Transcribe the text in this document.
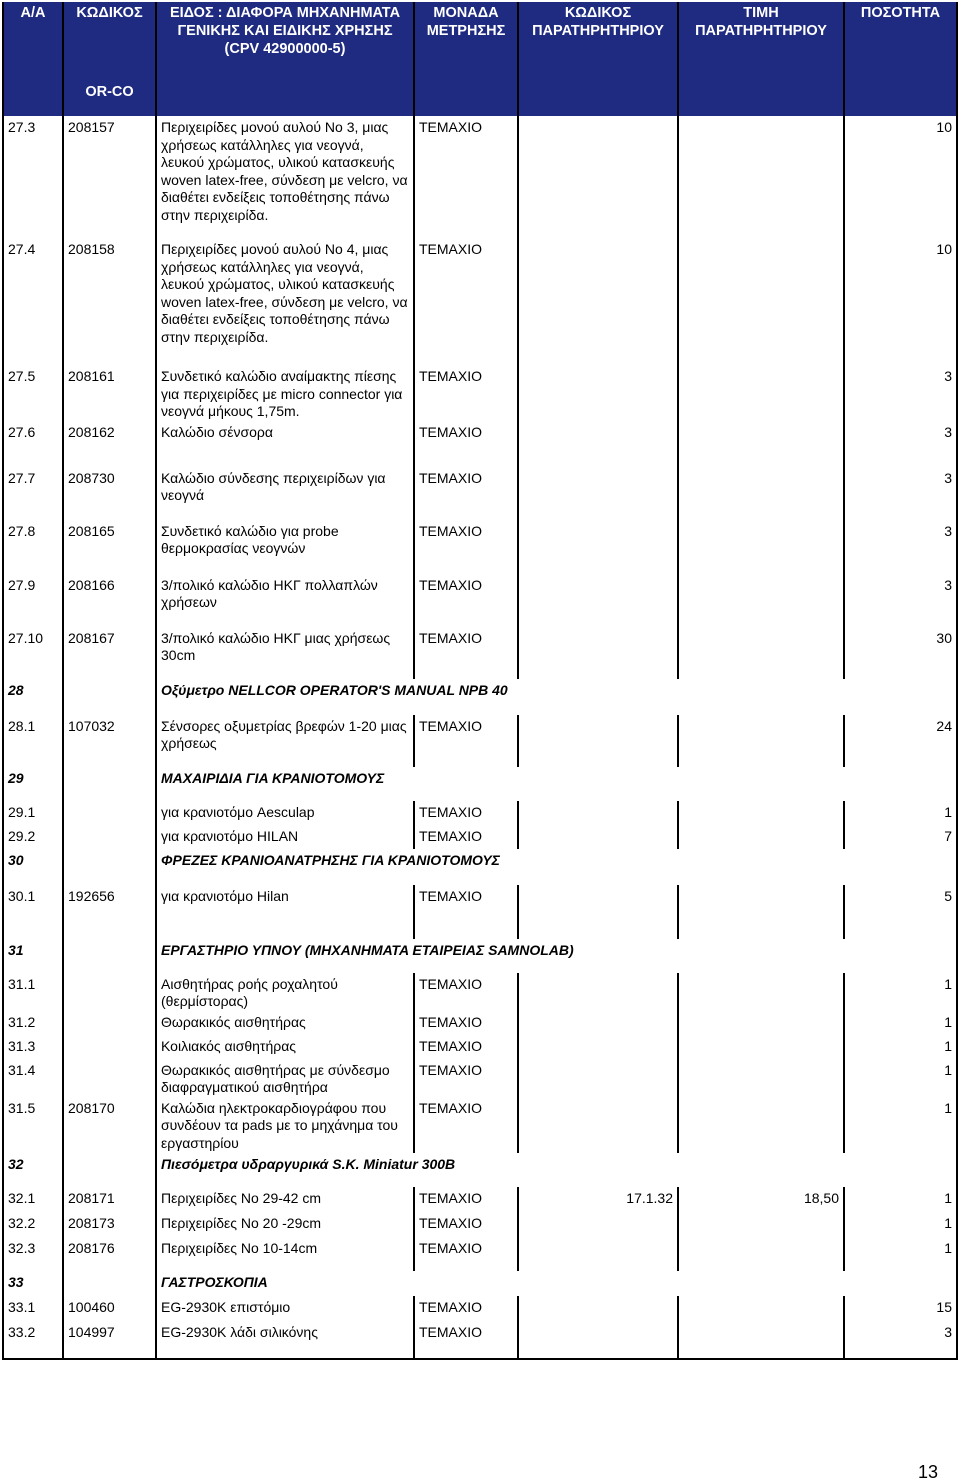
Α/Α	ΚΩΔΙΚΟΣ	ΕΙΔΟΣ : ΔΙΑΦΟΡΑ ΜΗΧΑΝΗΜΑΤΑ ΓΕΝΙΚΗΣ ΚΑΙ ΕΙΔΙΚΗΣ ΧΡΗΣΗΣ (CPV 42900000-5)	ΜΟΝΑΔΑ ΜΕΤΡΗΣΗΣ	ΚΩΔΙΚΟΣ ΠΑΡΑΤΗΡΗΤΗΡΙΟΥ	ΤΙΜΗ ΠΑΡΑΤΗΡΗΤΗΡΙΟΥ	ΠΟΣΟΤΗΤΑ
	OR-CO					
27.3	208157	Περιχειρίδες μονού αυλού Νο 3, μιας χρήσεως κατάλληλες για νεογνά, λευκού χρώματος, υλικού κατασκευής woven latex-free, σύνδεση με velcro, να διαθέτει ενδείξεις τοποθέτησης πάνω στην περιχειρίδα.	ΤΕΜΑΧΙΟ			10
27.4	208158	Περιχειρίδες μονού αυλού Νο 4, μιας χρήσεως κατάλληλες για νεογνά, λευκού χρώματος, υλικού κατασκευής woven latex-free, σύνδεση με velcro, να διαθέτει ενδείξεις τοποθέτησης πάνω στην περιχειρίδα.	ΤΕΜΑΧΙΟ			10
27.5	208161	Συνδετικό καλώδιο αναίμακτης πίεσης για περιχειρίδες με micro connector για νεογνά μήκους 1,75m.	ΤΕΜΑΧΙΟ			3
27.6	208162	Καλώδιο σένσορα	ΤΕΜΑΧΙΟ			3
27.7	208730	Καλώδιο σύνδεσης περιχειρίδων για νεογνά	ΤΕΜΑΧΙΟ			3
27.8	208165	Συνδετικό καλώδιο για probe θερμοκρασίας νεογνών	ΤΕΜΑΧΙΟ			3
27.9	208166	3/πολικό καλώδιο ΗΚΓ πολλαπλών χρήσεων	ΤΕΜΑΧΙΟ			3
27.10	208167	3/πολικό καλώδιο ΗΚΓ μιας χρήσεως 30cm	ΤΕΜΑΧΙΟ			30
28		Οξύμετρο NELLCOR OPERATOR'S MANUAL NPB 40				
28.1	107032	Σένσορες οξυμετρίας βρεφών 1-20 μιας χρήσεως	ΤΕΜΑΧΙΟ			24
29		ΜΑΧΑΙΡΙΔΙΑ ΓΙΑ ΚΡΑΝΙΟΤΟΜΟΥΣ				
29.1		για κρανιοτόμο Aesculap	ΤΕΜΑΧΙΟ			1
29.2		για κρανιοτόμο HILAN	ΤΕΜΑΧΙΟ			7
30		ΦΡΕΖΕΣ ΚΡΑΝΙΟΑΝΑΤΡΗΣΗΣ ΓΙΑ ΚΡΑΝΙΟΤΟΜΟΥΣ				
30.1	192656	για κρανιοτόμο Hilan	ΤΕΜΑΧΙΟ			5
31		ΕΡΓΑΣΤΗΡΙΟ ΥΠΝΟΥ (ΜΗΧΑΝΗΜΑΤΑ ΕΤΑΙΡΕΙΑΣ SAMNOLAB)				
31.1		Αισθητήρας ροής ροχαλητού (θερμίστορας)	ΤΕΜΑΧΙΟ			1
31.2		Θωρακικός αισθητήρας	ΤΕΜΑΧΙΟ			1
31.3		Κοιλιακός αισθητήρας	ΤΕΜΑΧΙΟ			1
31.4		Θωρακικός αισθητήρας με σύνδεσμο διαφραγματικού αισθητήρα	ΤΕΜΑΧΙΟ			1
31.5	208170	Καλώδια ηλεκτροκαρδιογράφου που συνδέουν τα pads με το μηχάνημα του εργαστηρίου	ΤΕΜΑΧΙΟ			1
32		Πιεσόμετρα υδραργυρικά S.K. Miniatur 300B				
32.1	208171	Περιχειρίδες Νο 29-42 cm	ΤΕΜΑΧΙΟ	17.1.32	18,50	1
32.2	208173	Περιχειρίδες Νο 20 -29cm	ΤΕΜΑΧΙΟ			1
32.3	208176	Περιχειρίδες Νο 10-14cm	ΤΕΜΑΧΙΟ			1
33		ΓΑΣΤΡΟΣΚΟΠΙΑ				
33.1	100460	EG-2930K επιστόμιο	ΤΕΜΑΧΙΟ			15
33.2	104997	EG-2930K λάδι σιλικόνης	ΤΕΜΑΧΙΟ			3
13
